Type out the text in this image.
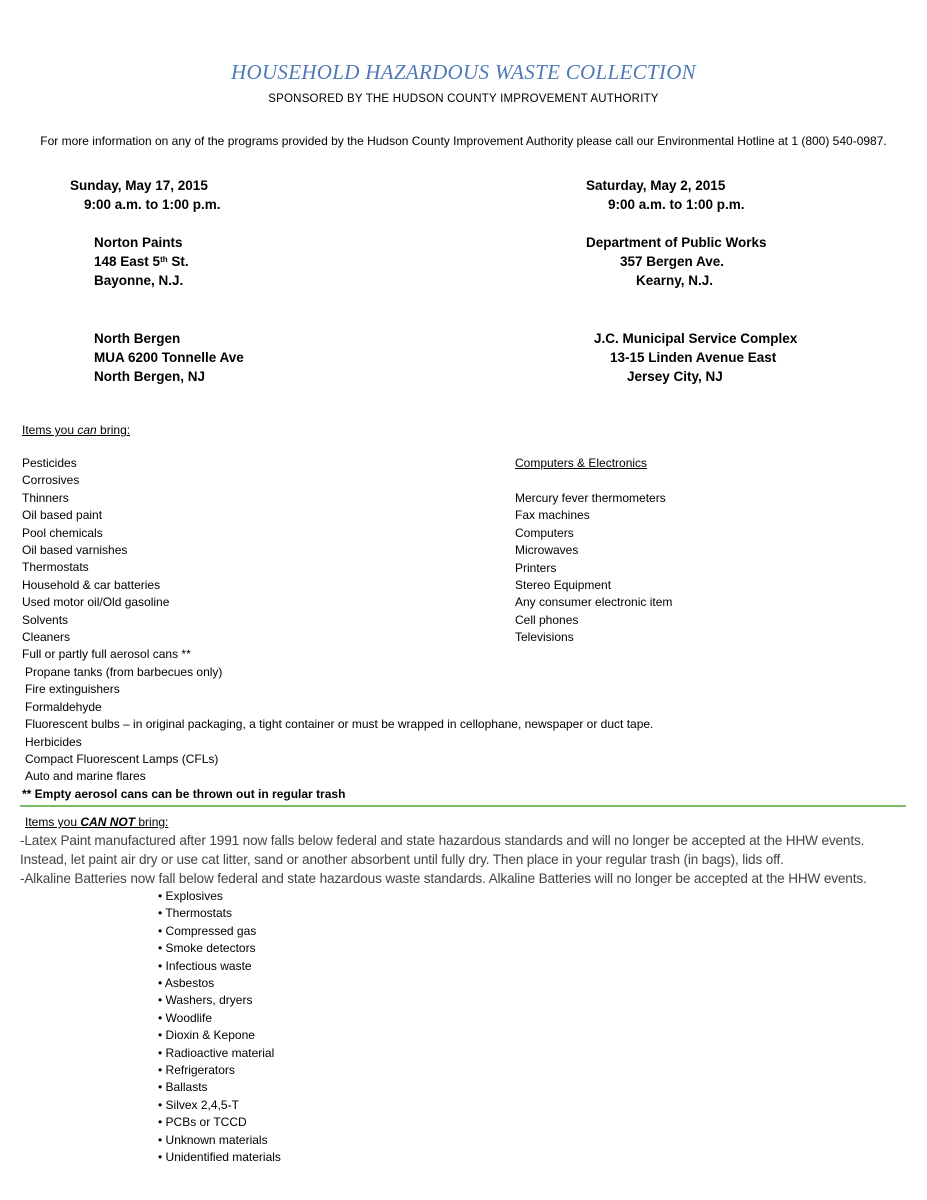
HOUSEHOLD HAZARDOUS WASTE COLLECTION
SPONSORED BY THE HUDSON COUNTY IMPROVEMENT AUTHORITY
For more information on any of the programs provided by the Hudson County Improvement Authority please call our Environmental Hotline at 1 (800) 540-0987.
Sunday, May 17, 2015
9:00 a.m. to 1:00 p.m.
Norton Paints
148 East 5th St.
Bayonne, N.J.
North Bergen
MUA 6200 Tonnelle Ave
North Bergen, NJ
Saturday, May 2, 2015
9:00 a.m. to 1:00 p.m.
Department of Public Works
357 Bergen Ave.
Kearny, N.J.
J.C. Municipal Service Complex
13-15 Linden Avenue East
Jersey City, NJ
Items you can bring:
Pesticides
Corrosives
Thinners
Oil based paint
Pool chemicals
Oil based varnishes
Thermostats
Household & car batteries
Used motor oil/Old gasoline
Solvents
Cleaners
Full or partly full aerosol cans **
Propane tanks (from barbecues only)
Fire extinguishers
Formaldehyde
Fluorescent bulbs – in original packaging, a tight container or must be wrapped in cellophane, newspaper or duct tape.
Herbicides
Compact Fluorescent Lamps (CFLs)
Auto and marine flares
** Empty aerosol cans can be thrown out in regular trash
Computers & Electronics
Mercury fever thermometers
Fax machines
Computers
Microwaves
Printers
Stereo Equipment
Any consumer electronic item
Cell phones
Televisions
Items you CAN NOT bring:
-Latex Paint manufactured after 1991 now falls below federal and state hazardous standards and will no longer be accepted at the HHW events.
Instead, let paint air dry or use cat litter, sand or another absorbent until fully dry. Then place in your regular trash (in bags), lids off.
-Alkaline Batteries now fall below federal and state hazardous waste standards. Alkaline Batteries will no longer be accepted at the HHW events.
• Explosives
• Thermostats
• Compressed gas
• Smoke detectors
• Infectious waste
• Asbestos
• Washers, dryers
• Woodlife
• Dioxin & Kepone
• Radioactive material
• Refrigerators
• Ballasts
• Silvex 2,4,5-T
• PCBs or TCCD
• Unknown materials
• Unidentified materials
